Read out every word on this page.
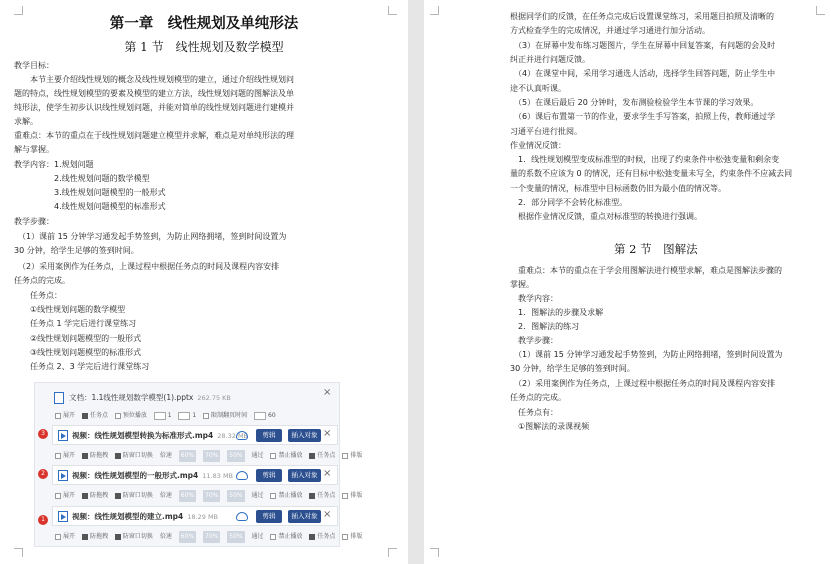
第一章　线性规划及单纯形法
第 1 节　线性规划及数学模型
教学目标：
　　本节主要介绍线性规划的概念及线性规划模型的建立，通过介绍线性规划问
题的特点，线性规划模型的要素及模型的建立方法，线性规划问题的图解法及单
纯形法，使学生初步认识线性规划问题，并能对简单的线性规划问题进行建模并
求解。
重难点：本节的重点在于线性规划问题建立模型并求解，难点是对单纯形法的理
解与掌握。
教学内容：1.规划问题
　　　　　2.线性规划问题的数学模型
　　　　　3.线性规划问题模型的一般形式
　　　　　4.线性规划问题模型的标准形式
教学步骤：
　（1）课前 15 分钟学习通发起手势签到，为防止网络拥堵，签到时间设置为
30 分钟，给学生足够的签到时间。
　（2）采用案例作为任务点，上课过程中根据任务点的时间及课程内容安排
任务点的完成。
　　任务点：
　　①线性规划问题的数学模型
　　任务点 1 学完后进行课堂练习
　　②线性规划问题模型的一般形式
　　③线性规划问题模型的标准形式
　　任务点 2、3 学完后进行课堂练习
文档：1.1线性规划数学模型(1).pptx 262.75 KB	×
展开 任务点 预位播放	1	1 限制翻页时间	60
3	视频：线性规划模型转换为标准形式.mp4 28.32 MB	剪辑	插入对象 ×
展开 防拖拽 防窗口切换 倍速 60% 70% 50% 通过 禁止播放 任务点 排版
2	视频：线性规划模型的一般形式.mp4 11.83 MB	剪辑	插入对象 ×
展开 防拖拽 防窗口切换 倍速 60% 70% 50% 通过 禁止播放 任务点 排版
1	视频：线性规划模型的建立.mp4 18.29 MB	剪辑	插入对象 ×
展开 防拖拽 防窗口切换 倍速 60% 70% 50% 通过 禁止播放 任务点 排版
根据同学们的反馈，在任务点完成后设置课堂练习，采用题目拍照及清晰的
方式检查学生的完成情况，并通过学习通进行加分活动。
　（3）在屏幕中发布练习题图片，学生在屏幕中回复答案，有问题的会及时
纠正并进行问题反馈。
　（4）在课堂中间，采用学习通选人活动，选择学生回答问题，防止学生中
途不认真听课。
　（5）在课后最后 20 分钟时，发布测验检验学生本节课的学习效果。
　（6）课后布置第一节的作业，要求学生手写答案，拍照上传，教师通过学
习通平台进行批阅。
作业情况反馈：
　1．线性规划模型变成标准型的时候，出现了约束条件中松弛变量和剩余变
量的系数不应该为 0 的情况，还有目标中松弛变量未写全，约束条件不应减去同
一个变量的情况，标准型中目标函数仍旧为最小值的情况等。
　2．部分同学不会转化标准型。
　根据作业情况反馈，重点对标准型的转换进行强调。
第 2 节　图解法
　重难点：本节的重点在于学会用图解法进行模型求解，难点是图解法步骤的
掌握。
　教学内容：
　1．图解法的步骤及求解
　2．图解法的练习
　教学步骤：
　（1）课前 15 分钟学习通发起手势签到，为防止网络拥堵，签到时间设置为
30 分钟，给学生足够的签到时间。
　（2）采用案例作为任务点，上课过程中根据任务点的时间及课程内容安排
任务点的完成。
　任务点有：
　①图解法的录课视频
